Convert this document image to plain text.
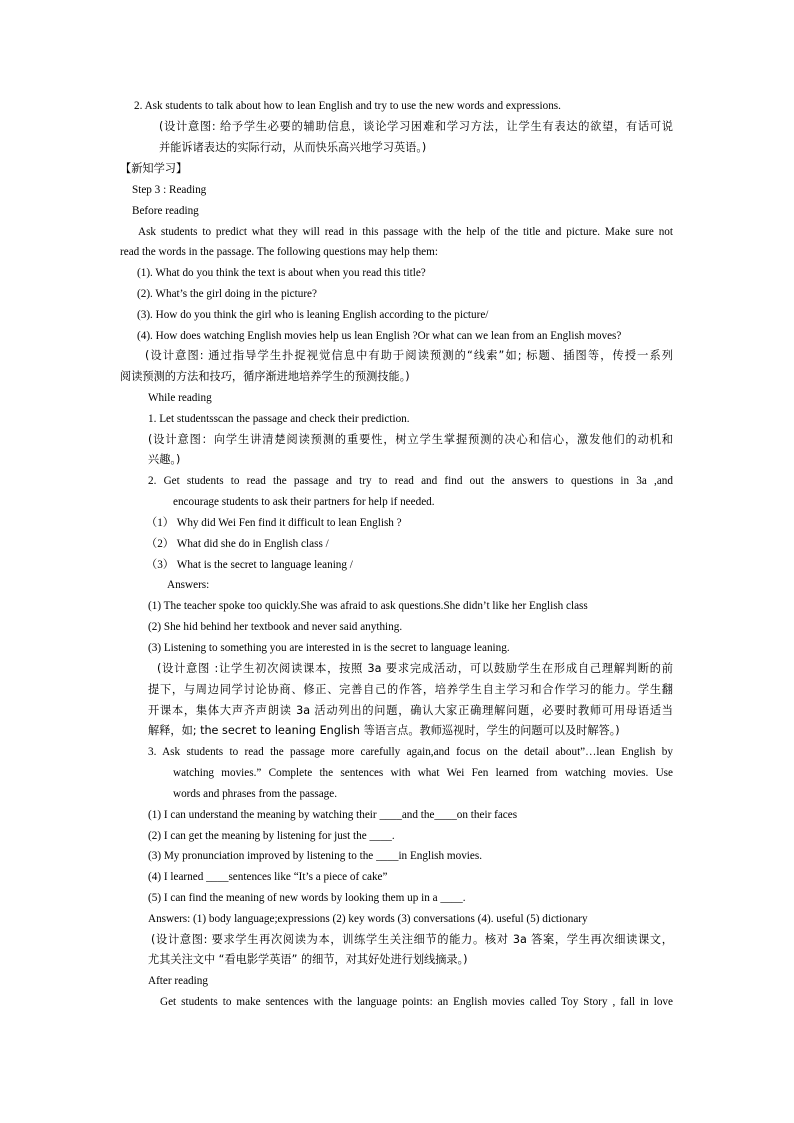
2. Ask students to talk about how to lean English and try to use the new words and expressions.
(设计意图: 给予学生必要的辅助信息，谈论学习困难和学习方法，让学生有表达的欲望，有话可说
并能诉诸表达的实际行动，从而快乐高兴地学习英语。)
【新知学习】
Step 3 : Reading
Before reading
Ask students to predict what they will read in this passage with the help of the title and picture. Make sure not
read the words in the passage. The following questions may help them:
(1). What do you think the text is about when you read this title?
(2). What’s the girl doing in the picture?
(3). How do you think the girl who is leaning English according to the picture/
(4). How does watching English movies help us lean English ?Or what can we lean from an English moves?
(设计意图: 通过指导学生扑捉视觉信息中有助于阅读预测的“线索”如; 标题、插图等，传授一系列
阅读预测的方法和技巧，循序渐进地培养学生的预测技能。)
While reading
1. Let studentsscan the passage and check their prediction.
(设计意图：向学生讲清楚阅读预测的重要性，树立学生掌握预测的决心和信心，激发他们的动机和
兴趣。)
2. Get students to read the passage and try to read and find out the answers to questions in 3a ,and
encourage students to ask their partners for help if needed.
（1） Why did Wei Fen find it difficult to lean English ?
（2） What did she do in English class /
（3） What is the secret to language leaning /
Answers:
(1) The teacher spoke too quickly.She was afraid to ask questions.She didn’t like her English class
(2) She hid behind her textbook and never said anything.
(3) Listening to something you are interested in is the secret to language leaning.
(设计意图 :让学生初次阅读课本，按照 3a 要求完成活动，可以鼓励学生在形成自己理解判断的前
提下，与周边同学讨论协商、修正、完善自己的作答，培养学生自主学习和合作学习的能力。学生翻
开课本，集体大声齐声朗读 3a 活动列出的问题，确认大家正确理解问题，必要时教师可用母语适当
解释，如; the secret to leaning English 等语言点。教师巡视时，学生的问题可以及时解答。)
3. Ask students to read the passage more carefully again,and focus on the detail about”…lean English by
watching movies.” Complete the sentences with what Wei Fen learned from watching movies. Use
words and phrases from the passage.
(1) I can understand the meaning by watching their ____and the____on their faces
(2) I can get the meaning by listening for just the ____.
(3) My pronunciation improved by listening to the ____in English movies.
(4) I learned ____sentences like “It’s a piece of cake”
(5) I can find the meaning of new words by looking them up in a ____.
Answers: (1) body language;expressions (2) key words (3) conversations (4). useful (5) dictionary
(设计意图: 要求学生再次阅读为本，训练学生关注细节的能力。核对 3a 答案，学生再次细读课文，
尤其关注文中 “看电影学英语” 的细节，对其好处进行划线摘录。)
After reading
Get students to make sentences with the language points: an English movies called Toy Story , fall in love
